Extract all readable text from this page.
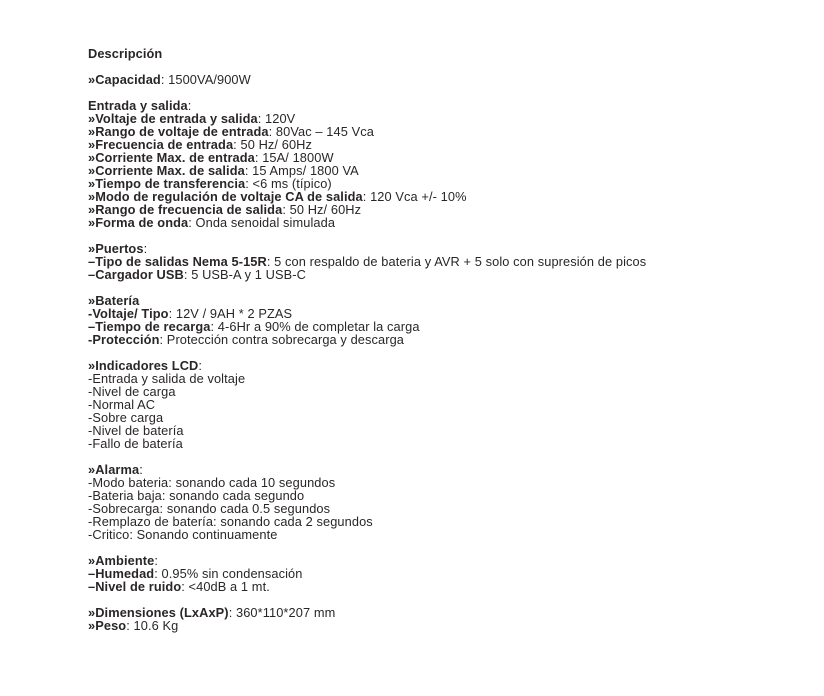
Descripción
»Capacidad: 1500VA/900W
Entrada y salida:
»Voltaje de entrada y salida: 120V
»Rango de voltaje de entrada: 80Vac – 145 Vca
»Frecuencia de entrada: 50 Hz/ 60Hz
»Corriente Max. de entrada: 15A/ 1800W
»Corriente Max. de salida: 15 Amps/ 1800 VA
»Tiempo de transferencia: <6 ms (típico)
»Modo de regulación de voltaje CA de salida: 120 Vca +/- 10%
»Rango de frecuencia de salida: 50 Hz/ 60Hz
»Forma de onda: Onda senoidal simulada
»Puertos:
–Tipo de salidas Nema 5-15R: 5 con respaldo de bateria y AVR + 5 solo con supresión de picos
–Cargador USB: 5 USB-A y 1 USB-C
»Batería
-Voltaje/ Tipo: 12V / 9AH * 2 PZAS
–Tiempo de recarga: 4-6Hr a 90% de completar la carga
-Protección: Protección contra sobrecarga y descarga
»Indicadores LCD:
-Entrada y salida de voltaje
-Nivel de carga
-Normal AC
-Sobre carga
-Nivel de batería
-Fallo de batería
»Alarma:
-Modo bateria: sonando cada 10 segundos
-Bateria baja: sonando cada segundo
-Sobrecarga: sonando cada 0.5 segundos
-Remplazo de batería: sonando cada 2 segundos
-Critico: Sonando continuamente
»Ambiente:
–Humedad: 0.95% sin condensación
–Nivel de ruido: <40dB a 1 mt.
»Dimensiones (LxAxP): 360*110*207 mm
»Peso: 10.6 Kg
